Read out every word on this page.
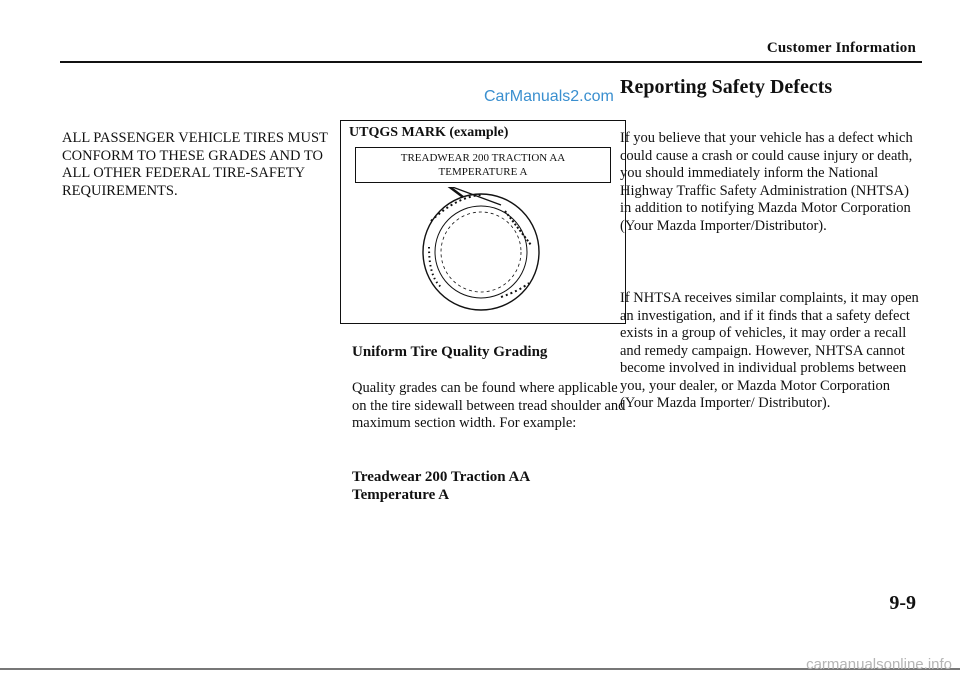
Customer Information
CarManuals2.com
ALL PASSENGER VEHICLE TIRES MUST CONFORM TO THESE GRADES AND TO ALL OTHER FEDERAL TIRE-SAFETY REQUIREMENTS.
UTQGS MARK (example)
TREADWEAR 200 TRACTION AA
TEMPERATURE A
Uniform Tire Quality Grading
Quality grades can be found where applicable on the tire sidewall between tread shoulder and maximum section width. For example:
Treadwear 200 Traction AA
Temperature A
Reporting Safety Defects
If you believe that your vehicle has a defect which could cause a crash or could cause injury or death, you should immediately inform the National Highway Traffic Safety Administration (NHTSA) in addition to notifying Mazda Motor Corporation (Your Mazda Importer/Distributor).
If NHTSA receives similar complaints, it may open an investigation, and if it finds that a safety defect exists in a group of vehicles, it may order a recall and remedy campaign. However, NHTSA cannot become involved in individual problems between you, your dealer, or Mazda Motor Corporation (Your Mazda Importer/ Distributor).
9-9
carmanualsonline.info
